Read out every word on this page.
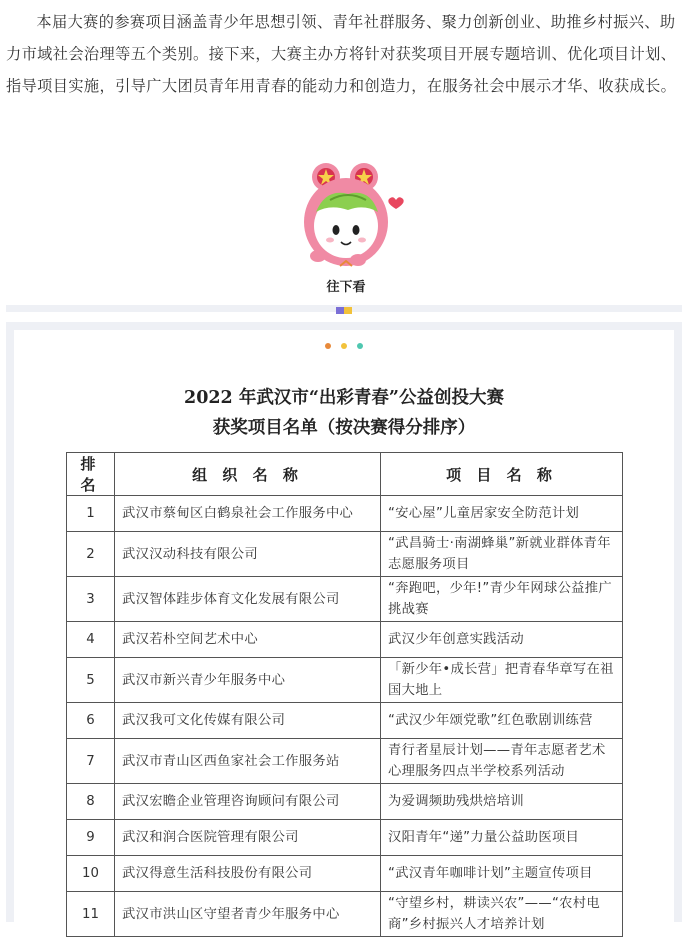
本届大赛的参赛项目涵盖青少年思想引领、青年社群服务、聚力创新创业、助推乡村振兴、助力市域社会治理等五个类别。接下来，大赛主办方将针对获奖项目开展专题培训、优化项目计划、指导项目实施，引导广大团员青年用青春的能动力和创造力，在服务社会中展示才华、收获成长。

往下看
2022 年武汉市“出彩青春”公益创投大赛
获奖项目名单（按决赛得分排序）
排名	组 织 名 称	项 目 名 称
1	武汉市蔡甸区白鹤泉社会工作服务中心	“安心屋”儿童居家安全防范计划
2	武汉汉动科技有限公司	“武昌骑士·南湖蜂巢”新就业群体青年志愿服务项目
3	武汉智体跬步体育文化发展有限公司	“奔跑吧，少年!”青少年网球公益推广挑战赛
4	武汉若朴空间艺术中心	武汉少年创意实践活动
5	武汉市新兴青少年服务中心	「新少年•成长营」把青春华章写在祖国大地上
6	武汉我可文化传媒有限公司	“武汉少年颂党歌”红色歌剧训练营
7	武汉市青山区西鱼家社会工作服务站	青行者星辰计划——青年志愿者艺术心理服务四点半学校系列活动
8	武汉宏瞻企业管理咨询顾问有限公司	为爱调频助残烘焙培训
9	武汉和润合医院管理有限公司	汉阳青年“递”力量公益助医项目
10	武汉得意生活科技股份有限公司	“武汉青年咖啡计划”主题宣传项目
11	武汉市洪山区守望者青少年服务中心	“守望乡村，耕读兴农”——“农村电商”乡村振兴人才培养计划
